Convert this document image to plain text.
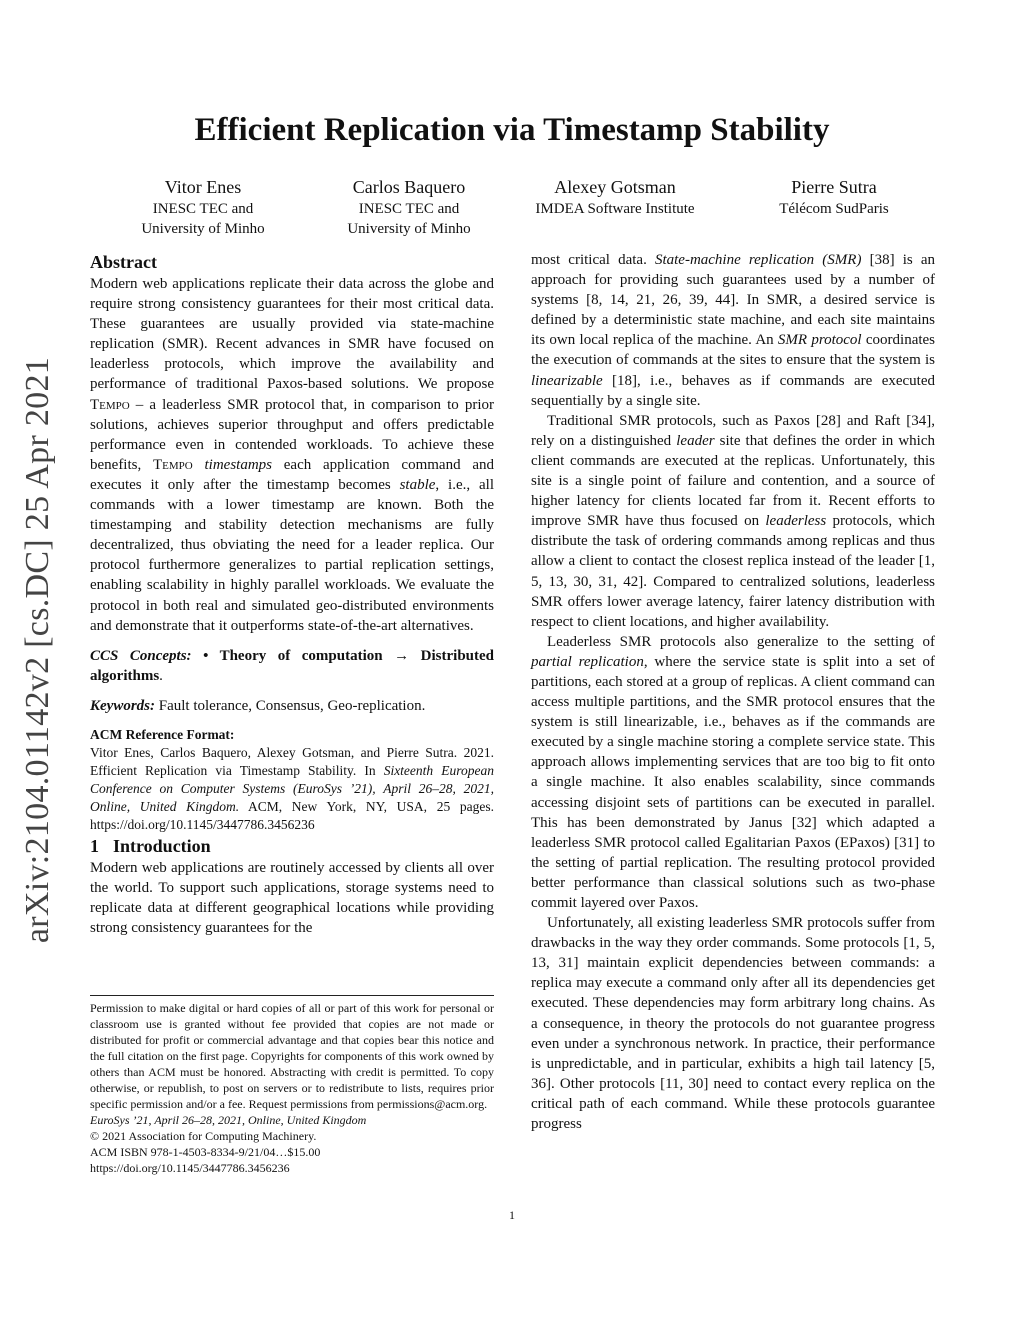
arXiv:2104.01142v2 [cs.DC] 25 Apr 2021
Efficient Replication via Timestamp Stability
Vitor Enes
INESC TEC and
University of Minho
Carlos Baquero
INESC TEC and
University of Minho
Alexey Gotsman
IMDEA Software Institute
Pierre Sutra
Télécom SudParis
Abstract

Modern web applications replicate their data across the globe and require strong consistency guarantees for their most critical data. These guarantees are usually provided via state-machine replication (SMR). Recent advances in SMR have focused on leaderless protocols, which improve the availability and performance of traditional Paxos-based solutions. We propose Tempo – a leaderless SMR protocol that, in comparison to prior solutions, achieves superior throughput and offers predictable performance even in contended workloads. To achieve these benefits, Tempo timestamps each application command and executes it only after the timestamp becomes stable, i.e., all commands with a lower timestamp are known. Both the timestamping and stability detection mechanisms are fully decentralized, thus obviating the need for a leader replica. Our protocol furthermore generalizes to partial replication settings, enabling scalability in highly parallel workloads. We evaluate the protocol in both real and simulated geo-distributed environments and demonstrate that it outperforms state-of-the-art alternatives.

CCS Concepts: • Theory of computation → Distributed algorithms.

Keywords: Fault tolerance, Consensus, Geo-replication.

ACM Reference Format:

Vitor Enes, Carlos Baquero, Alexey Gotsman, and Pierre Sutra. 2021. Efficient Replication via Timestamp Stability. In Sixteenth European Conference on Computer Systems (EuroSys ’21), April 26–28, 2021, Online, United Kingdom. ACM, New York, NY, USA, 25 pages. https://doi.org/10.1145/3447786.3456236

1 Introduction

Modern web applications are routinely accessed by clients all over the world. To support such applications, storage systems need to replicate data at different geographical locations while providing strong consistency guarantees for the

Permission to make digital or hard copies of all or part of this work for personal or classroom use is granted without fee provided that copies are not made or distributed for profit or commercial advantage and that copies bear this notice and the full citation on the first page. Copyrights for components of this work owned by others than ACM must be honored. Abstracting with credit is permitted. To copy otherwise, or republish, to post on servers or to redistribute to lists, requires prior specific permission and/or a fee. Request permissions from permissions@acm.org.

EuroSys ’21, April 26–28, 2021, Online, United Kingdom

© 2021 Association for Computing Machinery.

ACM ISBN 978-1-4503-8334-9/21/04…$15.00

https://doi.org/10.1145/3447786.3456236

most critical data. State-machine replication (SMR) [38] is an approach for providing such guarantees used by a number of systems [8, 14, 21, 26, 39, 44]. In SMR, a desired service is defined by a deterministic state machine, and each site maintains its own local replica of the machine. An SMR protocol coordinates the execution of commands at the sites to ensure that the system is linearizable [18], i.e., behaves as if commands are executed sequentially by a single site.

Traditional SMR protocols, such as Paxos [28] and Raft [34], rely on a distinguished leader site that defines the order in which client commands are executed at the replicas. Unfortunately, this site is a single point of failure and contention, and a source of higher latency for clients located far from it. Recent efforts to improve SMR have thus focused on leaderless protocols, which distribute the task of ordering commands among replicas and thus allow a client to contact the closest replica instead of the leader [1, 5, 13, 30, 31, 42]. Compared to centralized solutions, leaderless SMR offers lower average latency, fairer latency distribution with respect to client locations, and higher availability.

Leaderless SMR protocols also generalize to the setting of partial replication, where the service state is split into a set of partitions, each stored at a group of replicas. A client command can access multiple partitions, and the SMR protocol ensures that the system is still linearizable, i.e., behaves as if the commands are executed by a single machine storing a complete service state. This approach allows implementing services that are too big to fit onto a single machine. It also enables scalability, since commands accessing disjoint sets of partitions can be executed in parallel. This has been demonstrated by Janus [32] which adapted a leaderless SMR protocol called Egalitarian Paxos (EPaxos) [31] to the setting of partial replication. The resulting protocol provided better performance than classical solutions such as two-phase commit layered over Paxos.

Unfortunately, all existing leaderless SMR protocols suffer from drawbacks in the way they order commands. Some protocols [1, 5, 13, 31] maintain explicit dependencies between commands: a replica may execute a command only after all its dependencies get executed. These dependencies may form arbitrary long chains. As a consequence, in theory the protocols do not guarantee progress even under a synchronous network. In practice, their performance is unpredictable, and in particular, exhibits a high tail latency [5, 36]. Other protocols [11, 30] need to contact every replica on the critical path of each command. While these protocols guarantee progress

1
